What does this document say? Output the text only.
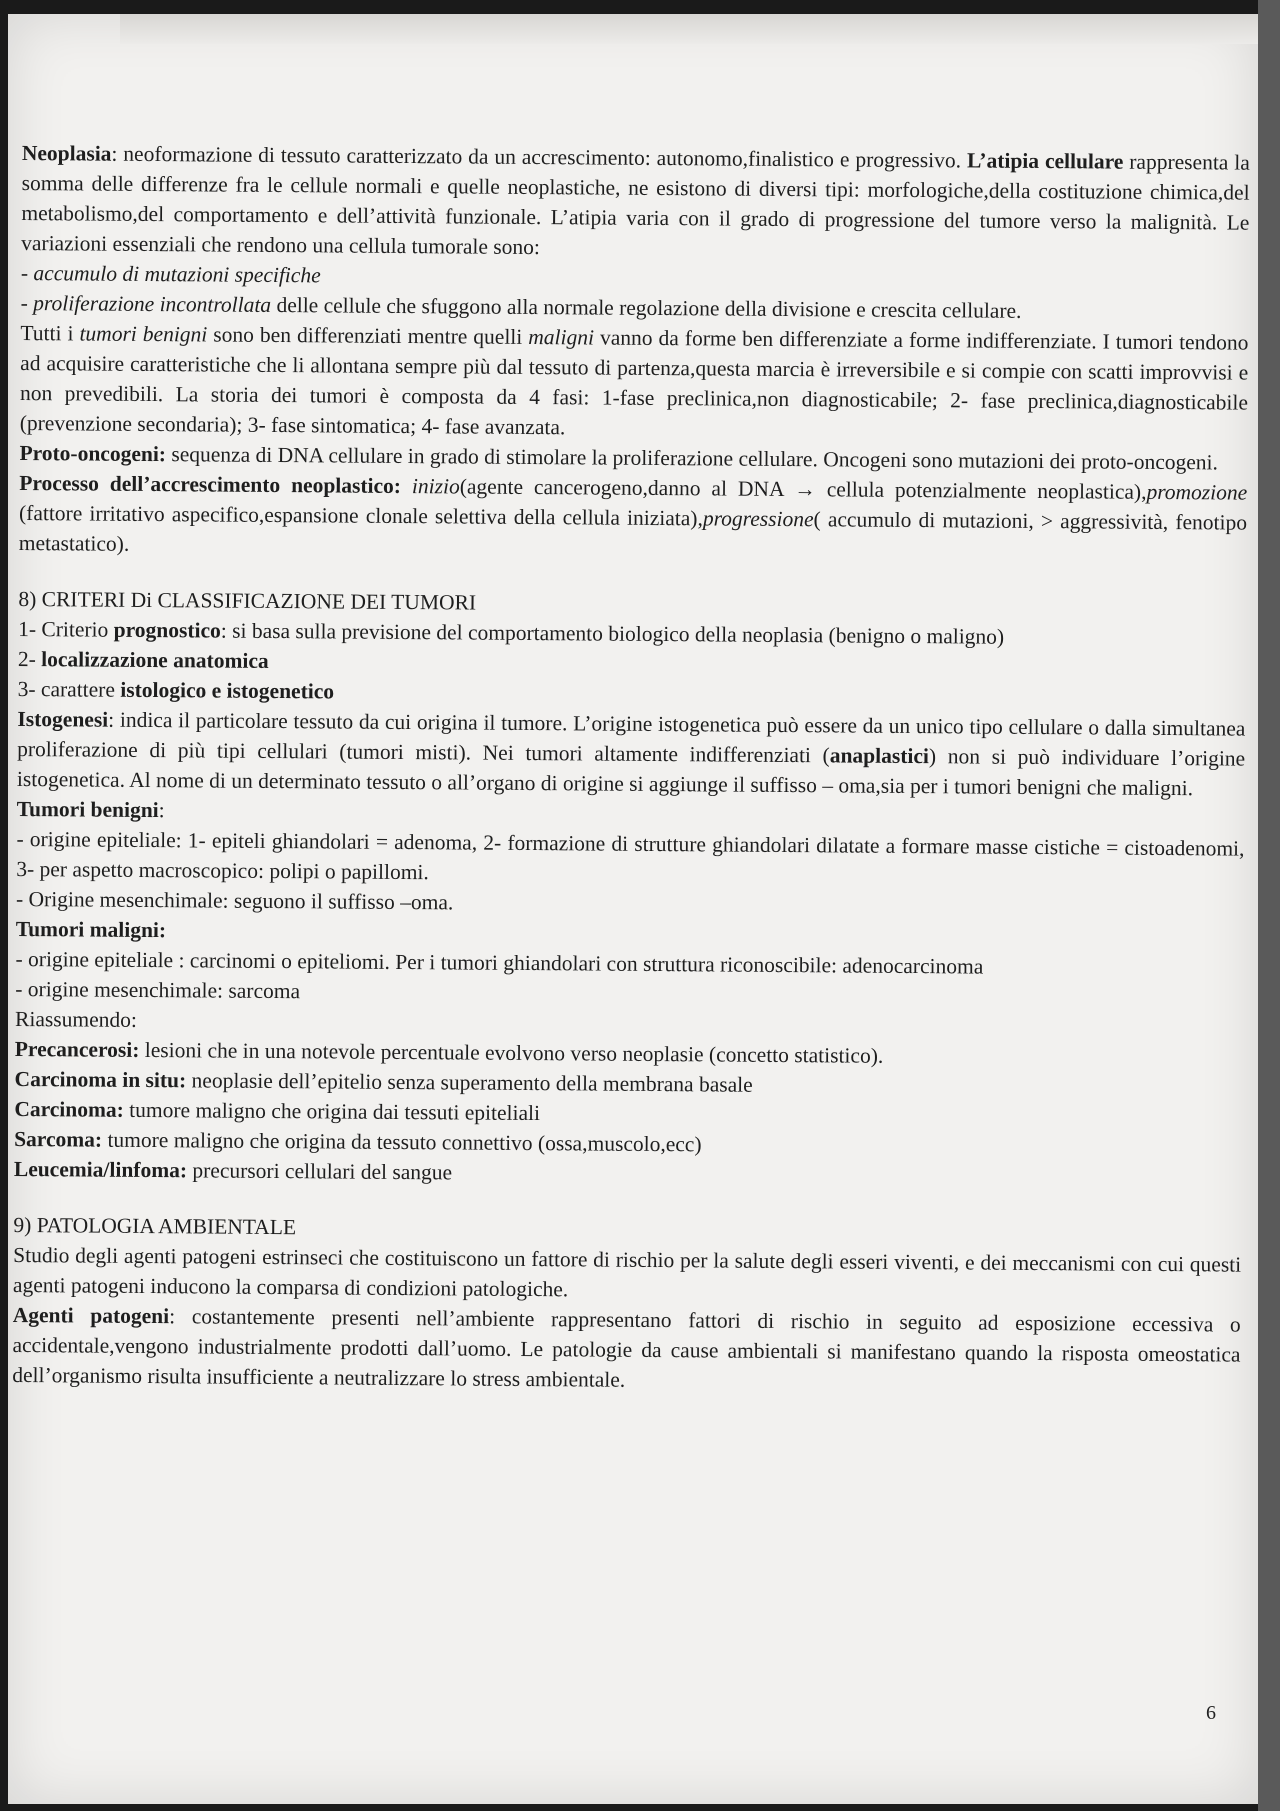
Neoplasia: neoformazione di tessuto caratterizzato da un accrescimento: autonomo,finalistico e progressivo. L’atipia cellulare rappresenta la somma delle differenze fra le cellule normali e quelle neoplastiche, ne esistono di diversi tipi: morfologiche,della costituzione chimica,del metabolismo,del comportamento e dell’attività funzionale. L’atipia varia con il grado di progressione del tumore verso la malignità. Le variazioni essenziali che rendono una cellula tumorale sono:

- accumulo di mutazioni specifiche

- proliferazione incontrollata delle cellule che sfuggono alla normale regolazione della divisione e crescita cellulare.

Tutti i tumori benigni sono ben differenziati mentre quelli maligni vanno da forme ben differenziate a forme indifferenziate. I tumori tendono ad acquisire caratteristiche che li allontana sempre più dal tessuto di partenza,questa marcia è irreversibile e si compie con scatti improvvisi e non prevedibili. La storia dei tumori è composta da 4 fasi: 1-fase preclinica,non diagnosticabile; 2- fase preclinica,diagnosticabile (prevenzione secondaria); 3- fase sintomatica; 4- fase avanzata.

Proto-oncogeni: sequenza di DNA cellulare in grado di stimolare la proliferazione cellulare. Oncogeni sono mutazioni dei proto-oncogeni.

Processo dell’accrescimento neoplastico: inizio(agente cancerogeno,danno al DNA → cellula potenzialmente neoplastica),promozione (fattore irritativo aspecifico,espansione clonale selettiva della cellula iniziata),progressione( accumulo di mutazioni, > aggressività, fenotipo metastatico).

8) CRITERI Di CLASSIFICAZIONE DEI TUMORI

1- Criterio prognostico: si basa sulla previsione del comportamento biologico della neoplasia (benigno o maligno)

2- localizzazione anatomica

3- carattere istologico e istogenetico

Istogenesi: indica il particolare tessuto da cui origina il tumore. L’origine istogenetica può essere da un unico tipo cellulare o dalla simultanea proliferazione di più tipi cellulari (tumori misti). Nei tumori altamente indifferenziati (anaplastici) non si può individuare l’origine istogenetica. Al nome di un determinato tessuto o all’organo di origine si aggiunge il suffisso – oma,sia per i tumori benigni che maligni.

Tumori benigni:

- origine epiteliale: 1- epiteli ghiandolari = adenoma, 2- formazione di strutture ghiandolari dilatate a formare masse cistiche = cistoadenomi, 3- per aspetto macroscopico: polipi o papillomi.

- Origine mesenchimale: seguono il suffisso –oma.

Tumori maligni:

- origine epiteliale : carcinomi o epiteliomi. Per i tumori ghiandolari con struttura riconoscibile: adenocarcinoma

- origine mesenchimale: sarcoma

Riassumendo:

Precancerosi: lesioni che in una notevole percentuale evolvono verso neoplasie (concetto statistico).

Carcinoma in situ: neoplasie dell’epitelio senza superamento della membrana basale

Carcinoma: tumore maligno che origina dai tessuti epiteliali

Sarcoma: tumore maligno che origina da tessuto connettivo (ossa,muscolo,ecc)

Leucemia/linfoma: precursori cellulari del sangue

9) PATOLOGIA AMBIENTALE

Studio degli agenti patogeni estrinseci che costituiscono un fattore di rischio per la salute degli esseri viventi, e dei meccanismi con cui questi agenti patogeni inducono la comparsa di condizioni patologiche.

Agenti patogeni: costantemente presenti nell’ambiente rappresentano fattori di rischio in seguito ad esposizione eccessiva o accidentale,vengono industrialmente prodotti dall’uomo. Le patologie da cause ambientali si manifestano quando la risposta omeostatica dell’organismo risulta insufficiente a neutralizzare lo stress ambientale.

6
